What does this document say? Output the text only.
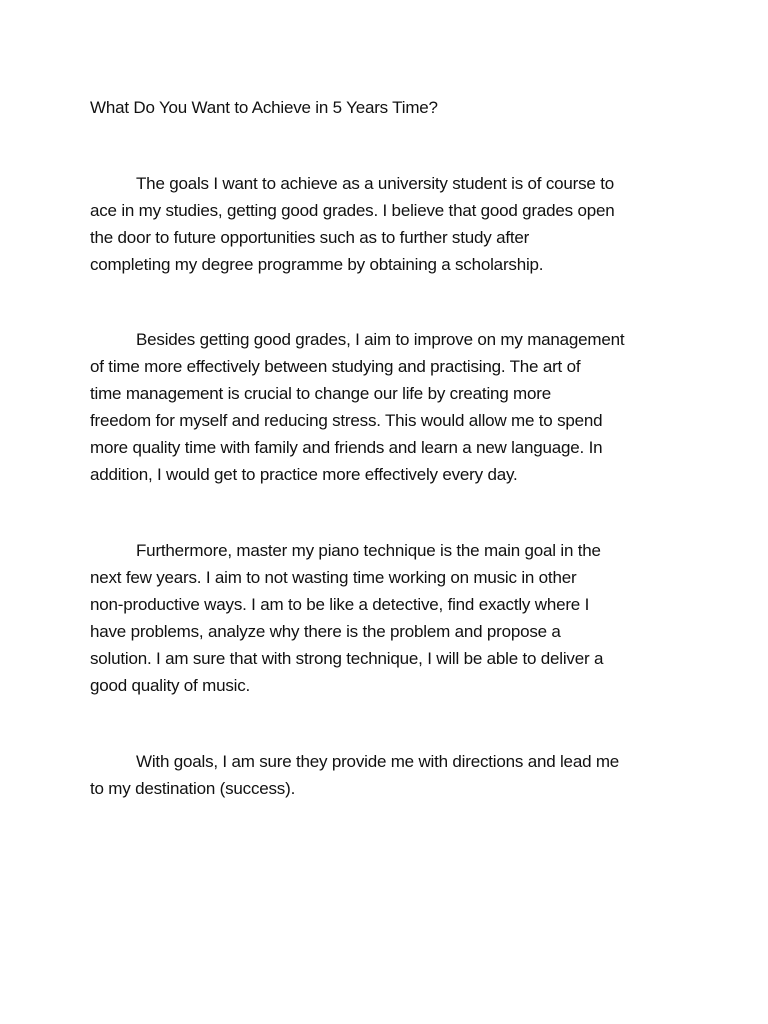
What Do You Want to Achieve in 5 Years Time?

The goals I want to achieve as a university student is of course to
ace in my studies, getting good grades. I believe that good grades open
the door to future opportunities such as to further study after
completing my degree programme by obtaining a scholarship.

Besides getting good grades, I aim to improve on my management
of time more effectively between studying and practising. The art of
time management is crucial to change our life by creating more
freedom for myself and reducing stress. This would allow me to spend
more quality time with family and friends and learn a new language. In
addition, I would get to practice more effectively every day.

Furthermore, master my piano technique is the main goal in the
next few years. I aim to not wasting time working on music in other
non-productive ways. I am to be like a detective, find exactly where I
have problems, analyze why there is the problem and propose a
solution. I am sure that with strong technique, I will be able to deliver a
good quality of music.

With goals, I am sure they provide me with directions and lead me
to my destination (success).
